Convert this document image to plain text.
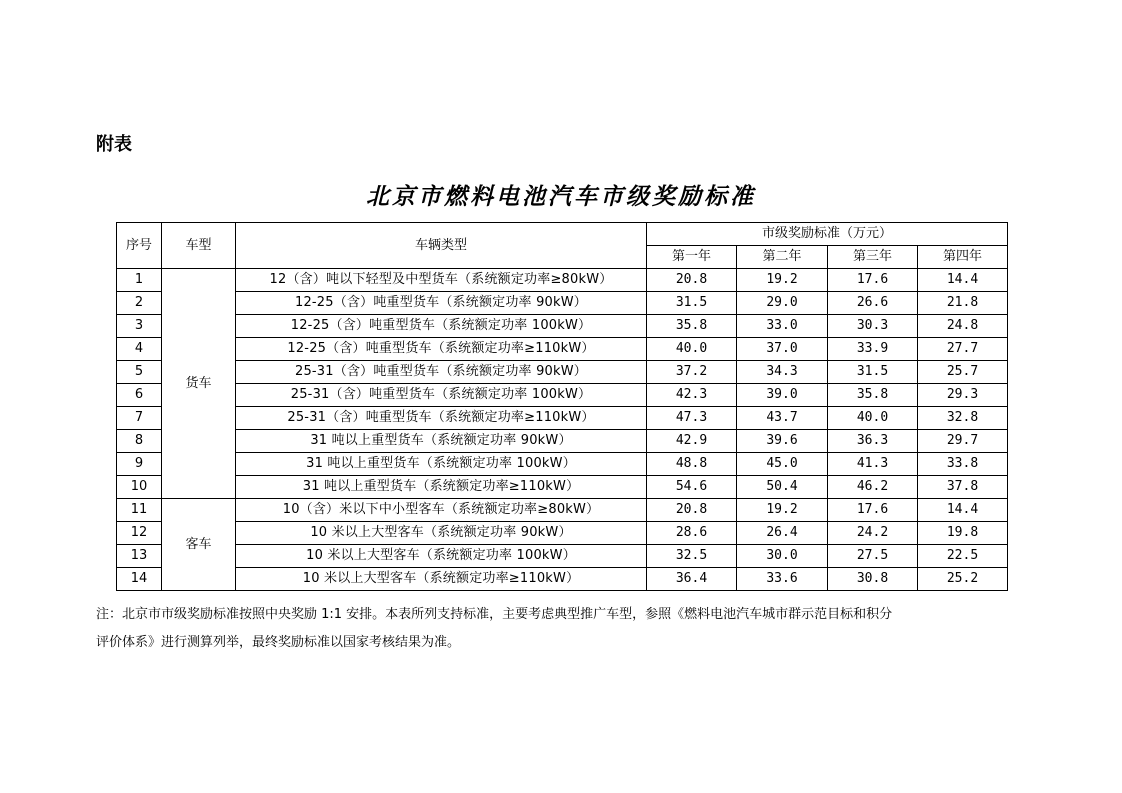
附表
北京市燃料电池汽车市级奖励标准
序号	车型	车辆类型	市级奖励标准（万元）			
			第一年	第二年	第三年	第四年
1	货车	12（含）吨以下轻型及中型货车（系统额定功率≥80kW）	20.8	19.2	17.6	14.4
2		12-25（含）吨重型货车（系统额定功率 90kW）	31.5	29.0	26.6	21.8
3		12-25（含）吨重型货车（系统额定功率 100kW）	35.8	33.0	30.3	24.8
4		12-25（含）吨重型货车（系统额定功率≥110kW）	40.0	37.0	33.9	27.7
5		25-31（含）吨重型货车（系统额定功率 90kW）	37.2	34.3	31.5	25.7
6		25-31（含）吨重型货车（系统额定功率 100kW）	42.3	39.0	35.8	29.3
7		25-31（含）吨重型货车（系统额定功率≥110kW）	47.3	43.7	40.0	32.8
8		31 吨以上重型货车（系统额定功率 90kW）	42.9	39.6	36.3	29.7
9		31 吨以上重型货车（系统额定功率 100kW）	48.8	45.0	41.3	33.8
10		31 吨以上重型货车（系统额定功率≥110kW）	54.6	50.4	46.2	37.8
11	客车	10（含）米以下中小型客车（系统额定功率≥80kW）	20.8	19.2	17.6	14.4
12		10 米以上大型客车（系统额定功率 90kW）	28.6	26.4	24.2	19.8
13		10 米以上大型客车（系统额定功率 100kW）	32.5	30.0	27.5	22.5
14		10 米以上大型客车（系统额定功率≥110kW）	36.4	33.6	30.8	25.2
注：北京市市级奖励标准按照中央奖励 1:1 安排。本表所列支持标准，主要考虑典型推广车型，参照《燃料电池汽车城市群示范目标和积分
评价体系》进行测算列举，最终奖励标准以国家考核结果为准。
